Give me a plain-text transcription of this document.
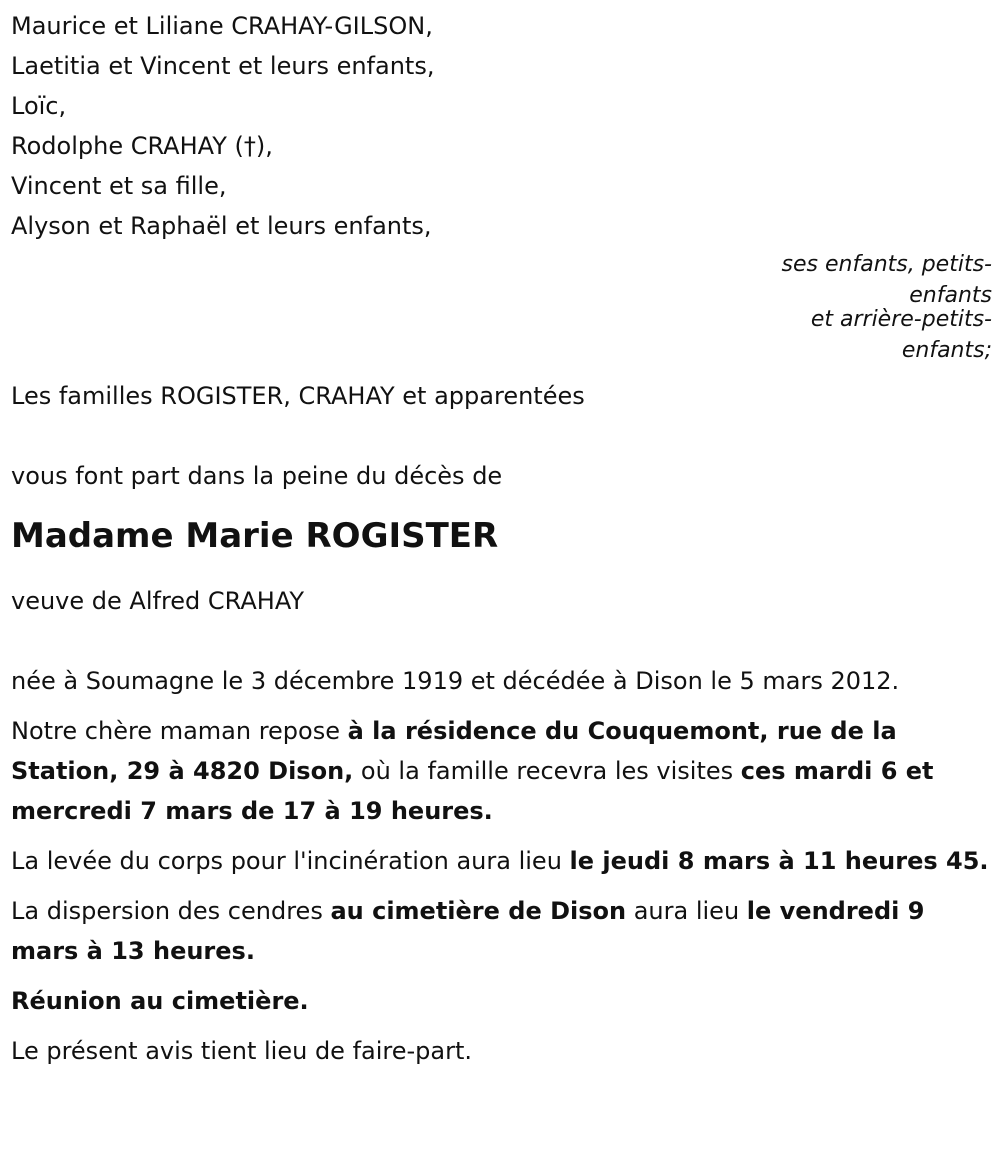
Maurice et Liliane CRAHAY-GILSON,
Laetitia et Vincent et leurs enfants,
Loïc,
Rodolphe CRAHAY (†),
Vincent et sa fille,
Alyson et Raphaël et leurs enfants,
ses enfants, petits-
enfants
et arrière-petits-
enfants;
Les familles ROGISTER, CRAHAY et apparentées
vous font part dans la peine du décès de
Madame Marie ROGISTER
veuve de Alfred CRAHAY
née à Soumagne le 3 décembre 1919 et décédée à Dison le 5 mars 2012.
Notre chère maman repose à la résidence du Couquemont, rue de la Station, 29 à 4820 Dison, où la famille recevra les visites ces mardi 6 et mercredi 7 mars de 17 à 19 heures.
La levée du corps pour l'incinération aura lieu le jeudi 8 mars à 11 heures 45.
La dispersion des cendres au cimetière de Dison aura lieu le vendredi 9 mars à 13 heures.
Réunion au cimetière.
Le présent avis tient lieu de faire-part.
